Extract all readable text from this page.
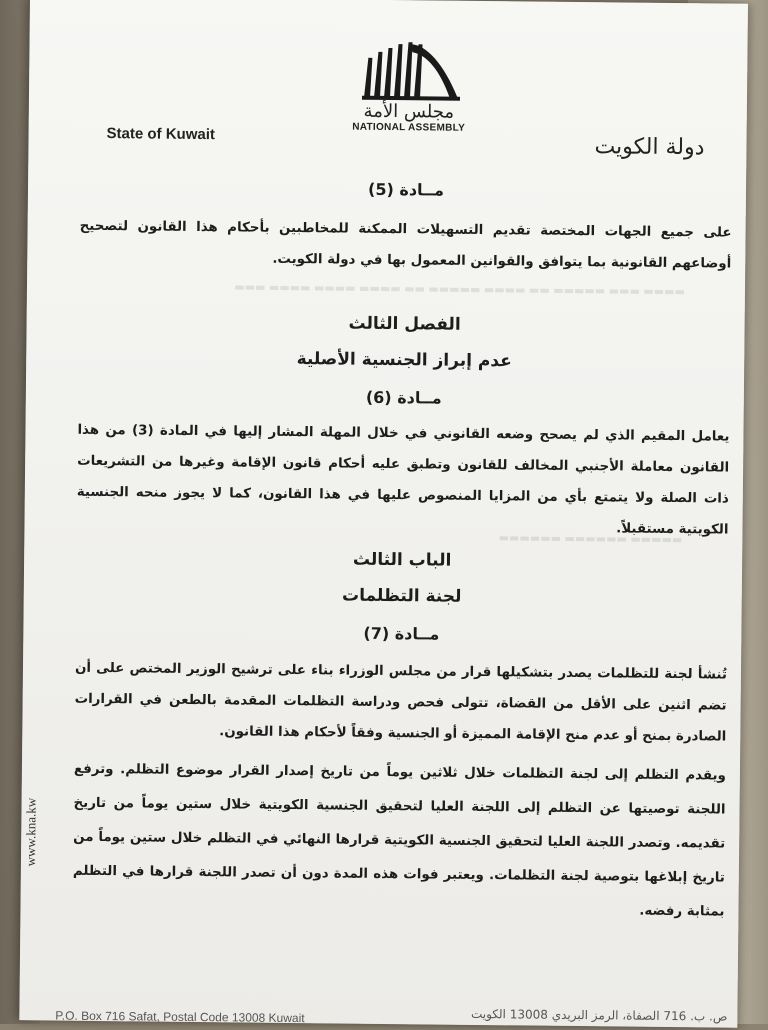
مجلس الأمة
NATIONAL ASSEMBLY
State of Kuwait
دولة الكويت
▬▬▬▬ ▬▬▬ ▬▬▬▬▬ ▬▬ ▬▬▬▬ ▬▬▬▬▬ ▬▬ ▬▬▬▬ ▬▬▬▬ ▬▬▬▬ ▬▬▬
▬▬▬▬▬ ▬▬▬▬▬▬ ▬▬▬▬▬▬
مــادة (5)
على جميع الجهات المختصة تقديم التسهيلات الممكنة للمخاطبين بأحكام هذا القانون لتصحيح أوضاعهم القانونية بما يتوافق والقوانين المعمول بها في دولة الكويت.
الفصل الثالث
عدم إبراز الجنسية الأصلية
مــادة (6)
يعامل المقيم الذي لم يصحح وضعه القانوني في خلال المهلة المشار إليها في المادة (3) من هذا القانون معاملة الأجنبي المخالف للقانون وتطبق عليه أحكام قانون الإقامة وغيرها من التشريعات ذات الصلة ولا يتمتع بأي من المزايا المنصوص عليها في هذا القانون، كما لا يجوز منحه الجنسية الكويتية مستقبلاً.
الباب الثالث
لجنة التظلمات
مــادة (7)
تُنشأ لجنة للتظلمات يصدر بتشكيلها قرار من مجلس الوزراء بناء على ترشيح الوزير المختص على أن تضم اثنين على الأقل من القضاة، تتولى فحص ودراسة التظلمات المقدمة بالطعن في القرارات الصادرة بمنح أو عدم منح الإقامة المميزة أو الجنسية وفقاً لأحكام هذا القانون.
ويقدم التظلم إلى لجنة التظلمات خلال ثلاثين يوماً من تاريخ إصدار القرار موضوع التظلم. وترفع اللجنة توصيتها عن التظلم إلى اللجنة العليا لتحقيق الجنسية الكويتية خلال ستين يوماً من تاريخ تقديمه. وتصدر اللجنة العليا لتحقيق الجنسية الكويتية قرارها النهائي في التظلم خلال ستين يوماً من تاريخ إبلاغها بتوصية لجنة التظلمات. ويعتبر فوات هذه المدة دون أن تصدر اللجنة قرارها في التظلم بمثابة رفضه.
www.kna.kw
P.O. Box 716 Safat, Postal Code 13008 Kuwait	ص. ب. 716 الصفاة، الرمز البريدي 13008 الكويت
